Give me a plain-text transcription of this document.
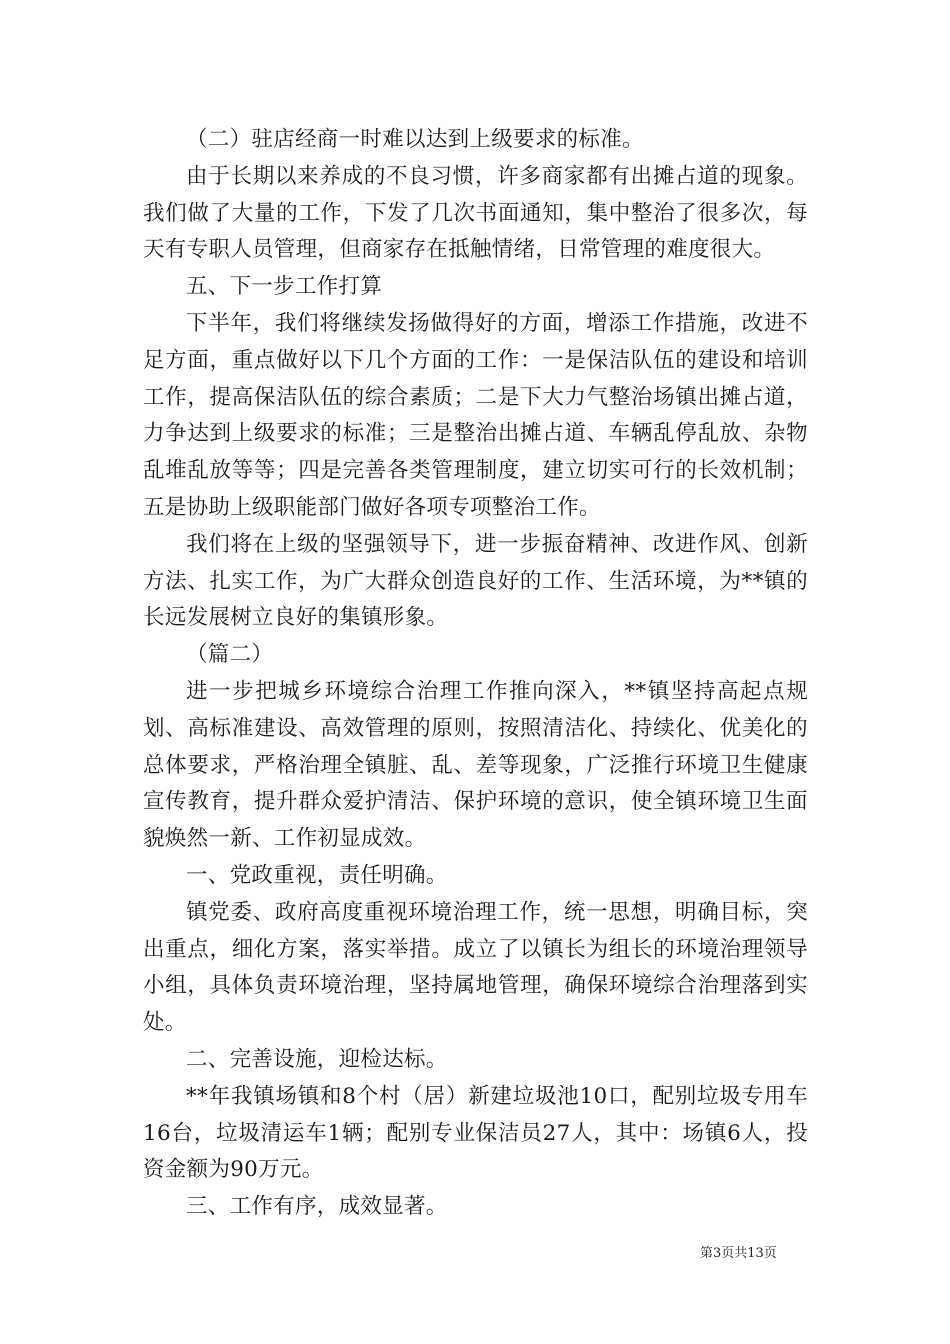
（二）驻店经商一时难以达到上级要求的标准。

由于长期以来养成的不良习惯，许多商家都有出摊占道的现象。我们做了大量的工作，下发了几次书面通知，集中整治了很多次，每天有专职人员管理，但商家存在抵触情绪，日常管理的难度很大。

五、下一步工作打算

下半年，我们将继续发扬做得好的方面，增添工作措施，改进不足方面，重点做好以下几个方面的工作：一是保洁队伍的建设和培训工作，提高保洁队伍的综合素质；二是下大力气整治场镇出摊占道，力争达到上级要求的标准；三是整治出摊占道、车辆乱停乱放、杂物乱堆乱放等等；四是完善各类管理制度，建立切实可行的长效机制；五是协助上级职能部门做好各项专项整治工作。

我们将在上级的坚强领导下，进一步振奋精神、改进作风、创新方法、扎实工作，为广大群众创造良好的工作、生活环境，为**镇的长远发展树立良好的集镇形象。

（篇二）

进一步把城乡环境综合治理工作推向深入，**镇坚持高起点规划、高标准建设、高效管理的原则，按照清洁化、持续化、优美化的总体要求，严格治理全镇脏、乱、差等现象，广泛推行环境卫生健康宣传教育，提升群众爱护清洁、保护环境的意识，使全镇环境卫生面貌焕然一新、工作初显成效。

一、党政重视，责任明确。

镇党委、政府高度重视环境治理工作，统一思想，明确目标，突出重点，细化方案，落实举措。成立了以镇长为组长的环境治理领导小组，具体负责环境治理，坚持属地管理，确保环境综合治理落到实处。

二、完善设施，迎检达标。

**年我镇场镇和8个村（居）新建垃圾池10口，配别垃圾专用车16台，垃圾清运车1辆；配别专业保洁员27人，其中：场镇6人，投资金额为90万元。

三、工作有序，成效显著。

第3页共13页
